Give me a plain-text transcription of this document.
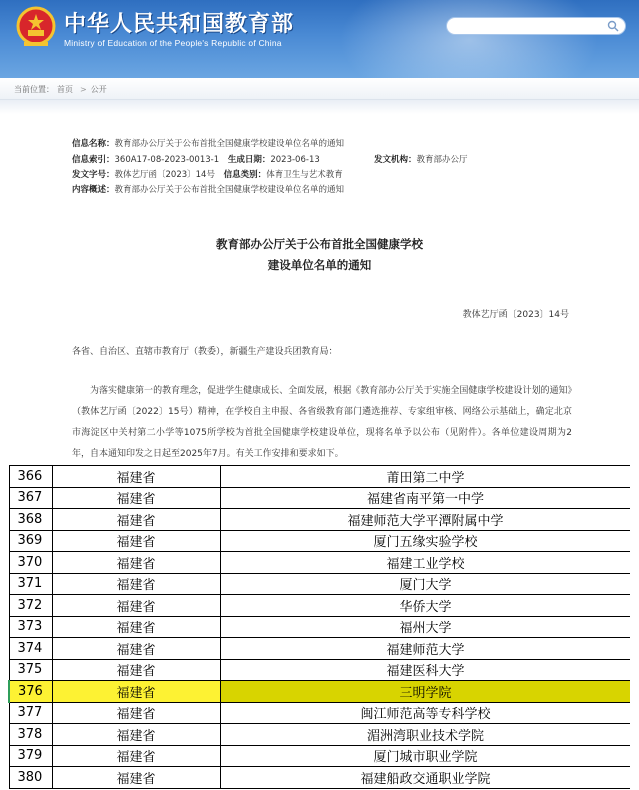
中华人民共和国教育部
Ministry of Education of the People's Republic of China
当前位置： 首页 > 公开
信息名称：教育部办公厅关于公布首批全国健康学校建设单位名单的通知
信息索引：360A17-08-2023-0013-1 生成日期：2023-06-13	发文机构：教育部办公厅
发文字号：教体艺厅函〔2023〕14号 信息类别：体育卫生与艺术教育
内容概述：教育部办公厅关于公布首批全国健康学校建设单位名单的通知
教育部办公厅关于公布首批全国健康学校
建设单位名单的通知
教体艺厅函〔2023〕14号
各省、自治区、直辖市教育厅（教委），新疆生产建设兵团教育局：
为落实健康第一的教育理念，促进学生健康成长、全面发展，根据《教育部办公厅关于实施全国健康学校建设计划的通知》（教体艺厅函〔2022〕15号）精神，在学校自主申报、各省级教育部门遴选推荐、专家组审核、网络公示基础上，确定北京市海淀区中关村第二小学等1075所学校为首批全国健康学校建设单位，现将名单予以公布（见附件）。各单位建设周期为2年，自本通知印发之日起至2025年7月。有关工作安排和要求如下。
366	福建省	莆田第二中学
367	福建省	福建省南平第一中学
368	福建省	福建师范大学平潭附属中学
369	福建省	厦门五缘实验学校
370	福建省	福建工业学校
371	福建省	厦门大学
372	福建省	华侨大学
373	福建省	福州大学
374	福建省	福建师范大学
375	福建省	福建医科大学
376	福建省	三明学院
377	福建省	闽江师范高等专科学校
378	福建省	湄洲湾职业技术学院
379	福建省	厦门城市职业学院
380	福建省	福建船政交通职业学院
